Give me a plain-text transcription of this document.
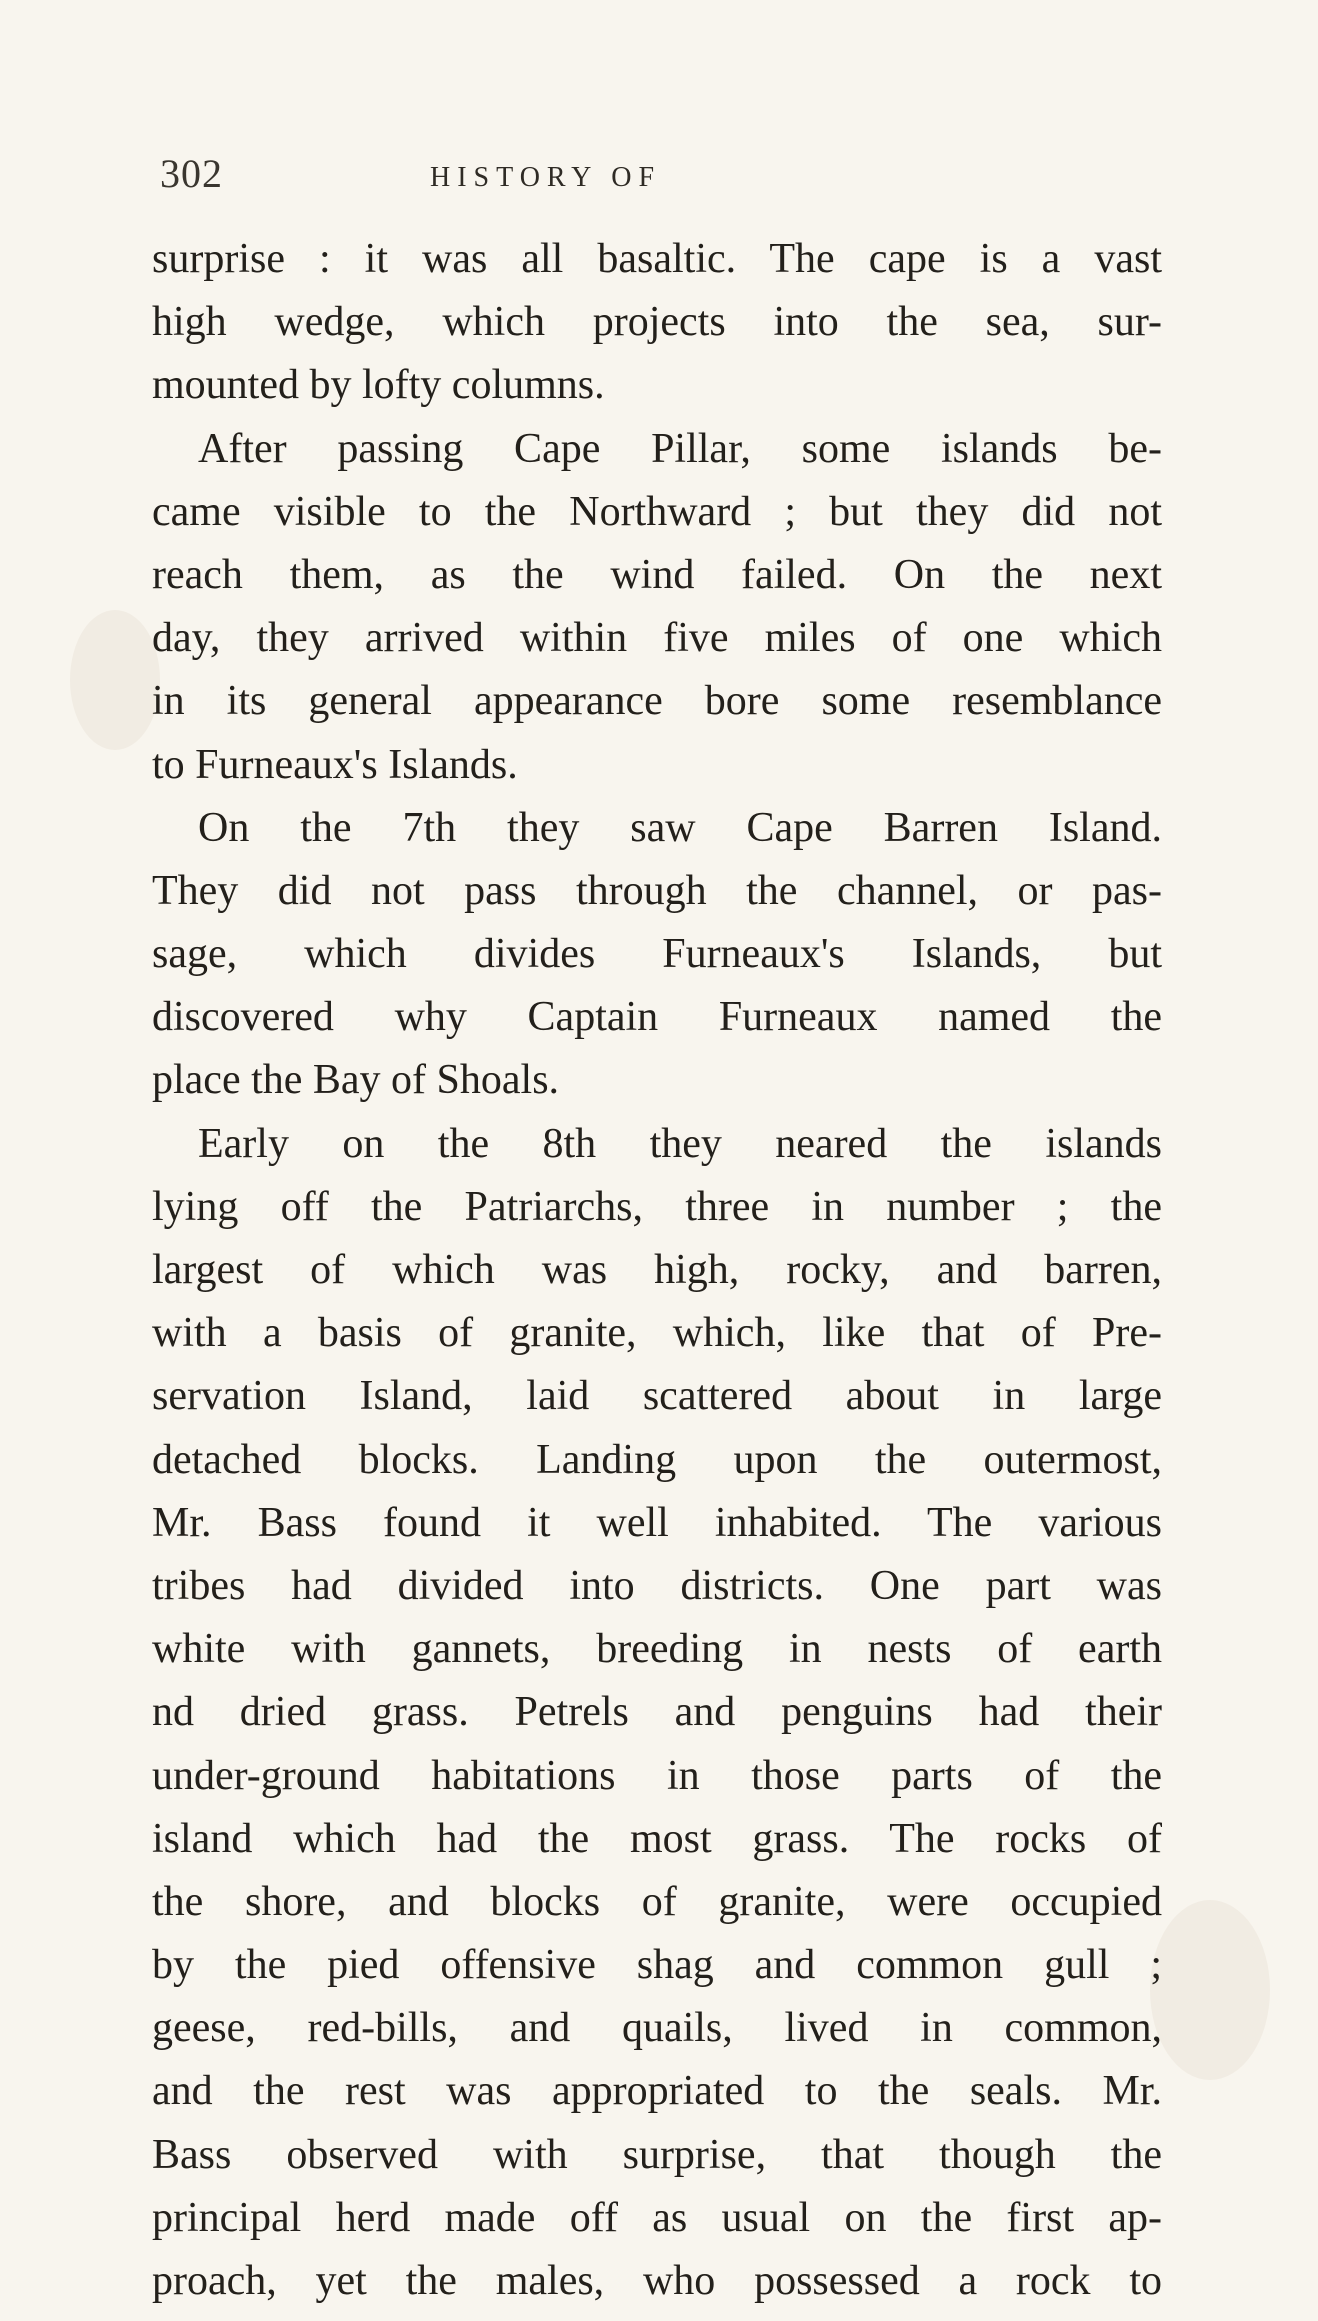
302	HISTORY OF
surprise : it was all basaltic. The cape is a vast
high wedge, which projects into the sea, sur-
mounted by lofty columns.
After passing Cape Pillar, some islands be-
came visible to the Northward ; but they did not
reach them, as the wind failed. On the next
day, they arrived within five miles of one which
in its general appearance bore some resemblance
to Furneaux's Islands.
On the 7th they saw Cape Barren Island.
They did not pass through the channel, or pas-
sage, which divides Furneaux's Islands, but
discovered why Captain Furneaux named the
place the Bay of Shoals.
Early on the 8th they neared the islands
lying off the Patriarchs, three in number ; the
largest of which was high, rocky, and barren,
with a basis of granite, which, like that of Pre-
servation Island, laid scattered about in large
detached blocks. Landing upon the outermost,
Mr. Bass found it well inhabited. The various
tribes had divided into districts. One part was
white with gannets, breeding in nests of earth
nd dried grass. Petrels and penguins had their
under-ground habitations in those parts of the
island which had the most grass. The rocks of
the shore, and blocks of granite, were occupied
by the pied offensive shag and common gull ;
geese, red-bills, and quails, lived in common,
and the rest was appropriated to the seals. Mr.
Bass observed with surprise, that though the
principal herd made off as usual on the first ap-
proach, yet the males, who possessed a rock to
